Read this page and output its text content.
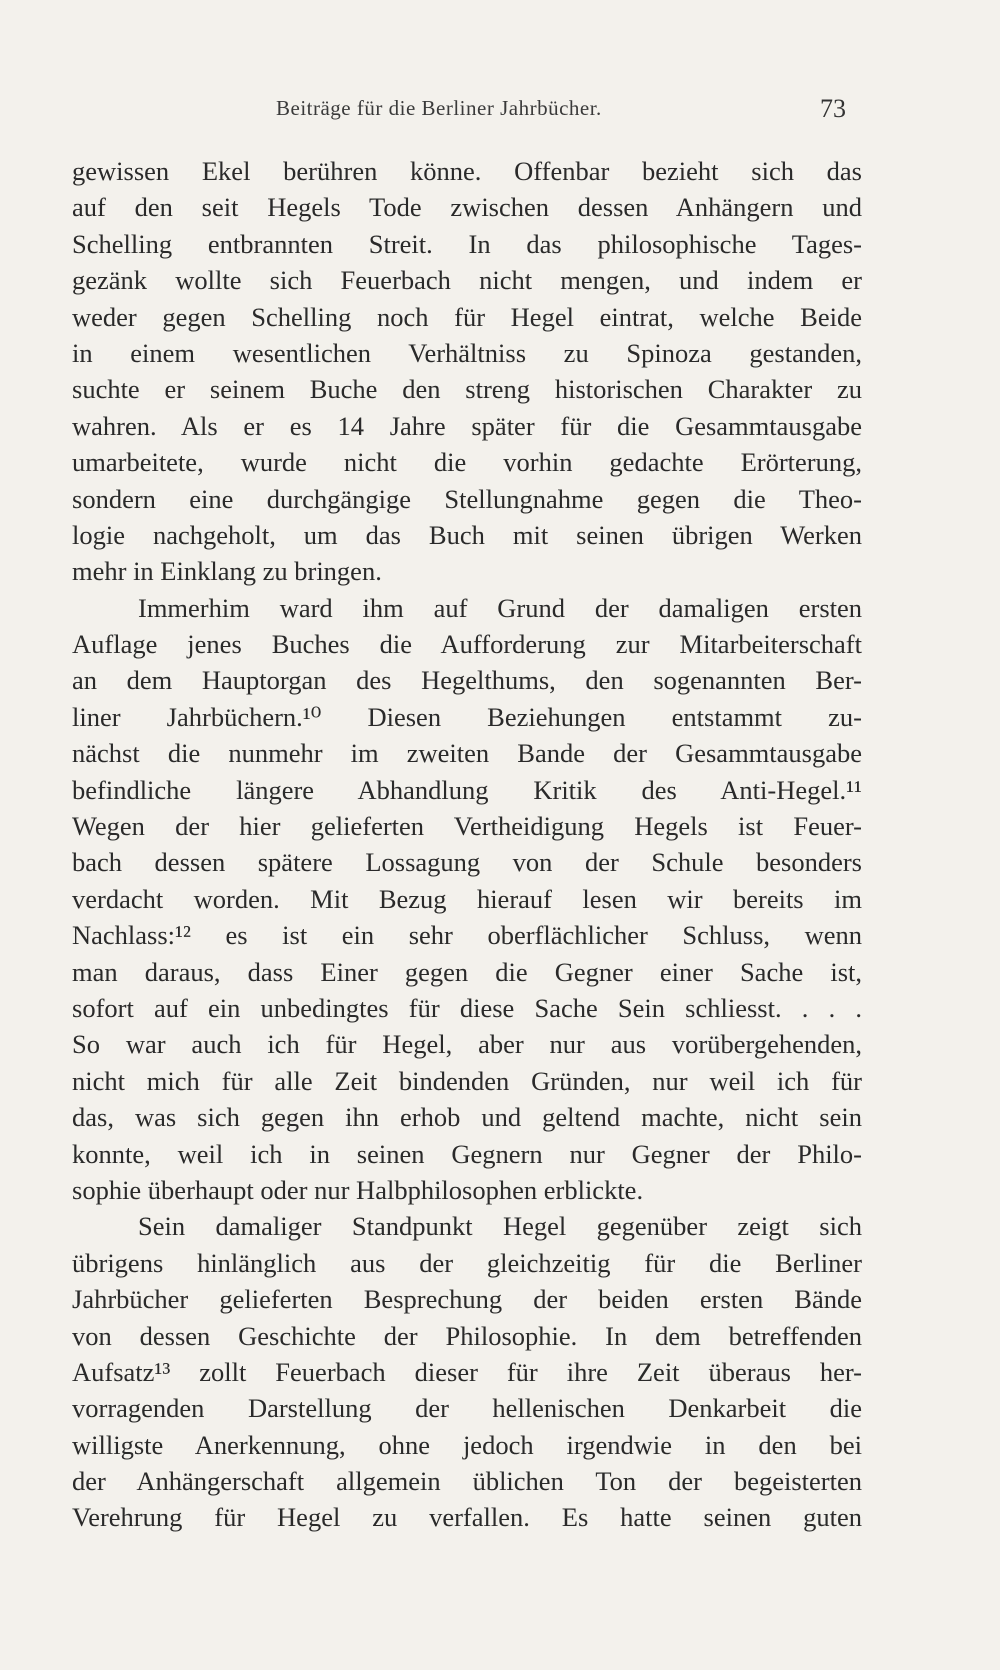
Beiträge für die Berliner Jahrbücher.	73
gewissen Ekel berühren könne. Offenbar bezieht sich das
auf den seit Hegels Tode zwischen dessen Anhängern und
Schelling entbrannten Streit. In das philosophische Tages-
gezänk wollte sich Feuerbach nicht mengen, und indem er
weder gegen Schelling noch für Hegel eintrat, welche Beide
in einem wesentlichen Verhältniss zu Spinoza gestanden,
suchte er seinem Buche den streng historischen Charakter zu
wahren. Als er es 14 Jahre später für die Gesammtausgabe
umarbeitete, wurde nicht die vorhin gedachte Erörterung,
sondern eine durchgängige Stellungnahme gegen die Theo-
logie nachgeholt, um das Buch mit seinen übrigen Werken
mehr in Einklang zu bringen.
Immerhim ward ihm auf Grund der damaligen ersten
Auflage jenes Buches die Aufforderung zur Mitarbeiterschaft
an dem Hauptorgan des Hegelthums, den sogenannten Ber-
liner Jahrbüchern.¹⁰ Diesen Beziehungen entstammt zu-
nächst die nunmehr im zweiten Bande der Gesammtausgabe
befindliche längere Abhandlung Kritik des Anti-Hegel.¹¹
Wegen der hier gelieferten Vertheidigung Hegels ist Feuer-
bach dessen spätere Lossagung von der Schule besonders
verdacht worden. Mit Bezug hierauf lesen wir bereits im
Nachlass:¹² es ist ein sehr oberflächlicher Schluss, wenn
man daraus, dass Einer gegen die Gegner einer Sache ist,
sofort auf ein unbedingtes für diese Sache Sein schliesst. . . .
So war auch ich für Hegel, aber nur aus vorübergehenden,
nicht mich für alle Zeit bindenden Gründen, nur weil ich für
das, was sich gegen ihn erhob und geltend machte, nicht sein
konnte, weil ich in seinen Gegnern nur Gegner der Philo-
sophie überhaupt oder nur Halbphilosophen erblickte.
Sein damaliger Standpunkt Hegel gegenüber zeigt sich
übrigens hinlänglich aus der gleichzeitig für die Berliner
Jahrbücher gelieferten Besprechung der beiden ersten Bände
von dessen Geschichte der Philosophie. In dem betreffenden
Aufsatz¹³ zollt Feuerbach dieser für ihre Zeit überaus her-
vorragenden Darstellung der hellenischen Denkarbeit die
willigste Anerkennung, ohne jedoch irgendwie in den bei
der Anhängerschaft allgemein üblichen Ton der begeisterten
Verehrung für Hegel zu verfallen. Es hatte seinen guten
